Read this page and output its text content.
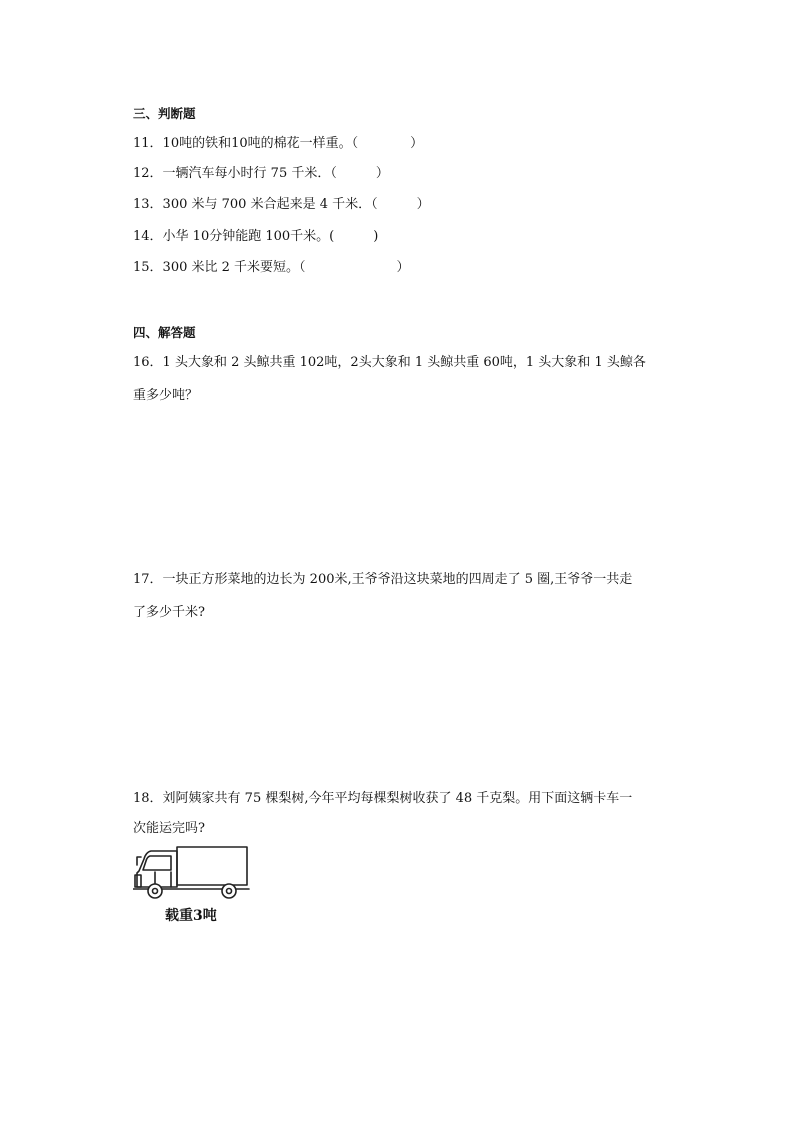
三、判断题
11．10吨的铁和10吨的棉花一样重。（　　　　）
12．一辆汽车每小时行 75 千米．（　　　）
13．300 米与 700 米合起来是 4 千米．（　　　）
14．小华 10分钟能跑 100千米。(　　　)
15．300 米比 2 千米要短。（　　　　　　　）
四、解答题
16．1 头大象和 2 头鲸共重 102吨，2头大象和 1 头鲸共重 60吨，1 头大象和 1 头鲸各
重多少吨？
17．一块正方形菜地的边长为 200米,王爷爷沿这块菜地的四周走了 5 圈,王爷爷一共走
了多少千米?
18．刘阿姨家共有 75 棵梨树,今年平均每棵梨树收获了 48 千克梨。用下面这辆卡车一
次能运完吗?
载重3吨
